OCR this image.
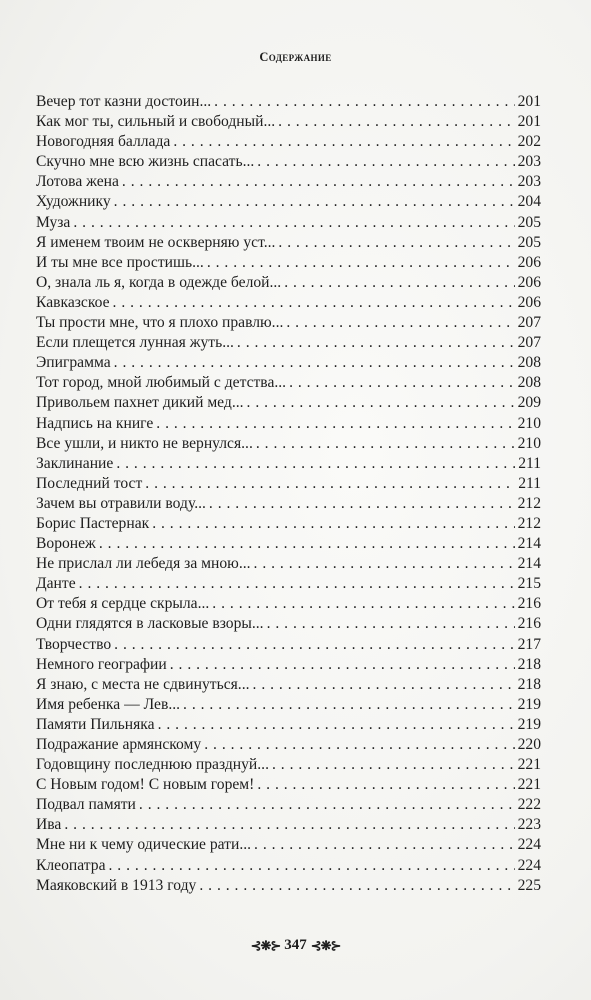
Содержание
Вечер тот казни достоин... . . .	201
Как мог ты, сильный и свободный... . . .	201
Новогодняя баллада . . .	202
Скучно мне всю жизнь спасать... . . .	203
Лотова жена . . .	203
Художнику . . .	204
Муза . . .	205
Я именем твоим не оскверняю уст... . . .	205
И ты мне все простишь... . . .	206
О, знала ль я, когда в одежде белой... . . .	206
Кавказское . . .	206
Ты прости мне, что я плохо правлю... . . .	207
Если плещется лунная жуть... . . .	207
Эпиграмма . . .	208
Тот город, мной любимый с детства... . . .	208
Привольем пахнет дикий мед... . . .	209
Надпись на книге . . .	210
Все ушли, и никто не вернулся... . . .	210
Заклинание . . .	211
Последний тост . . .	211
Зачем вы отравили воду... . . .	212
Борис Пастернак . . .	212
Воронеж . . .	214
Не прислал ли лебедя за мною... . . .	214
Данте . . .	215
От тебя я сердце скрыла... . . .	216
Одни глядятся в ласковые взоры... . . .	216
Творчество . . .	217
Немного географии . . .	218
Я знаю, с места не сдвинуться... . . .	218
Имя ребенка — Лев... . . .	219
Памяти Пильняка . . .	219
Подражание армянскому . . .	220
Годовщину последнюю празднуй... . . .	221
С Новым годом! С новым горем! . . .	221
Подвал памяти . . .	222
Ива . . .	223
Мне ни к чему одические рати... . . .	224
Клеопатра . . .	224
Маяковский в 1913 году . . .	225
⊰❋⊱ 347 ⊰❋⊱
